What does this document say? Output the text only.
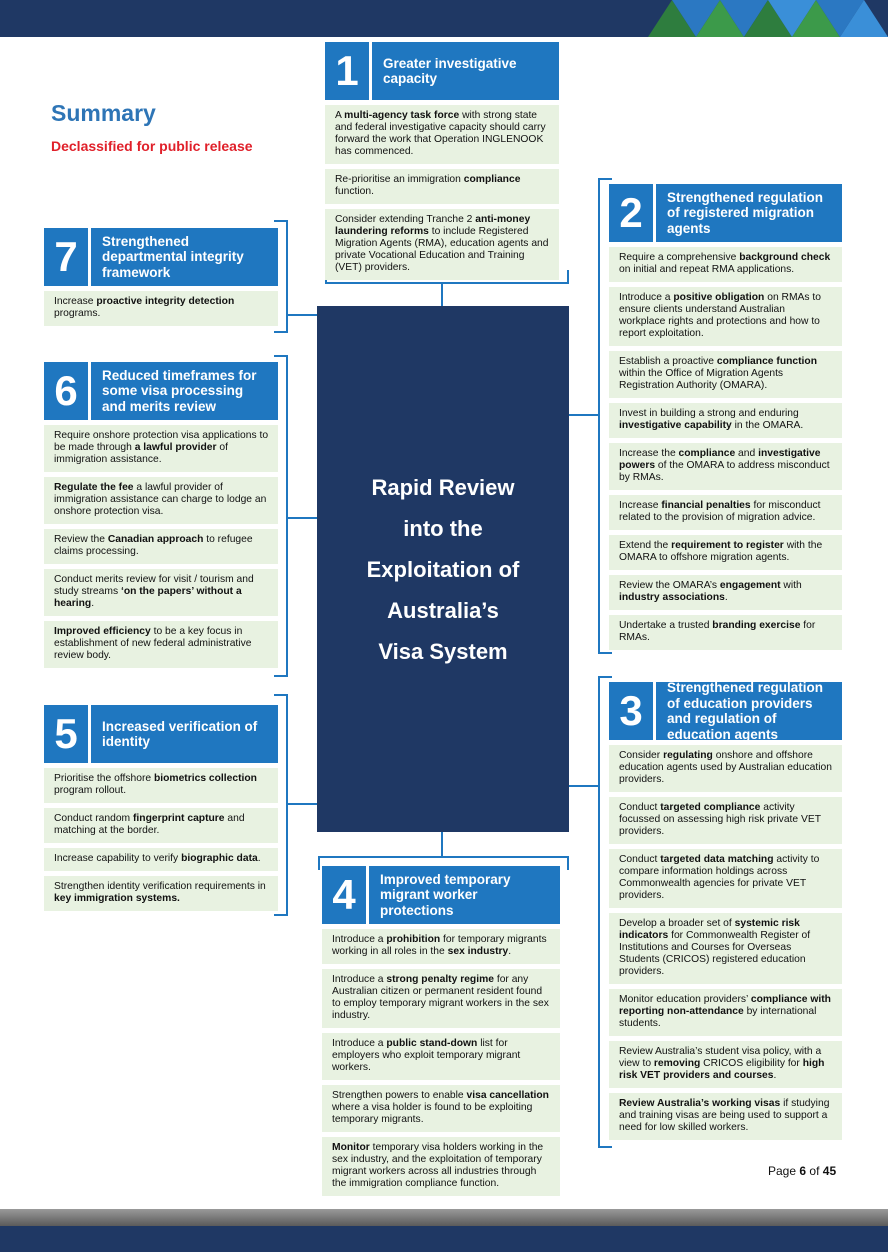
Summary
Declassified for public release
Rapid Review
into the
Exploitation of
Australia’s
Visa System
1	Greater investigative capacity
A multi-agency task force with strong state and federal investigative capacity should carry forward the work that Operation INGLENOOK has commenced.
Re-prioritise an immigration compliance function.
Consider extending Tranche 2 anti-money laundering reforms to include Registered Migration Agents (RMA), education agents and private Vocational Education and Training (VET) providers.
2	Strengthened regulation of registered migration agents
Require a comprehensive background check on initial and repeat RMA applications.
Introduce a positive obligation on RMAs to ensure clients understand Australian workplace rights and protections and how to report exploitation.
Establish a proactive compliance function within the Office of Migration Agents Registration Authority (OMARA).
Invest in building a strong and enduring investigative capability in the OMARA.
Increase the compliance and investigative powers of the OMARA to address misconduct by RMAs.
Increase financial penalties for misconduct related to the provision of migration advice.
Extend the requirement to register with the OMARA to offshore migration agents.
Review the OMARA’s engagement with industry associations.
Undertake a trusted branding exercise for RMAs.
3	Strengthened regulation of education providers and regulation of education agents
Consider regulating onshore and offshore education agents used by Australian education providers.
Conduct targeted compliance activity focussed on assessing high risk private VET providers.
Conduct targeted data matching activity to compare information holdings across Commonwealth agencies for private VET providers.
Develop a broader set of systemic risk indicators for Commonwealth Register of Institutions and Courses for Overseas Students (CRICOS) registered education providers.
Monitor education providers’ compliance with reporting non-attendance by international students.
Review Australia’s student visa policy, with a view to removing CRICOS eligibility for high risk VET providers and courses.
Review Australia’s working visas if studying and training visas are being used to support a need for low skilled workers.
4	Improved temporary migrant worker protections
Introduce a prohibition for temporary migrants working in all roles in the sex industry.
Introduce a strong penalty regime for any Australian citizen or permanent resident found to employ temporary migrant workers in the sex industry.
Introduce a public stand-down list for employers who exploit temporary migrant workers.
Strengthen powers to enable visa cancellation where a visa holder is found to be exploiting temporary migrants.
Monitor temporary visa holders working in the sex industry, and the exploitation of temporary migrant workers across all industries through the immigration compliance function.
5	Increased verification of identity
Prioritise the offshore biometrics collection program rollout.
Conduct random fingerprint capture and matching at the border.
Increase capability to verify biographic data.
Strengthen identity verification requirements in key immigration systems.
6	Reduced timeframes for some visa processing and merits review
Require onshore protection visa applications to be made through a lawful provider of immigration assistance.
Regulate the fee a lawful provider of immigration assistance can charge to lodge an onshore protection visa.
Review the Canadian approach to refugee claims processing.
Conduct merits review for visit / tourism and study streams ‘on the papers’ without a hearing.
Improved efficiency to be a key focus in establishment of new federal administrative review body.
7	Strengthened departmental integrity framework
Increase proactive integrity detection programs.
Page 6 of 45
